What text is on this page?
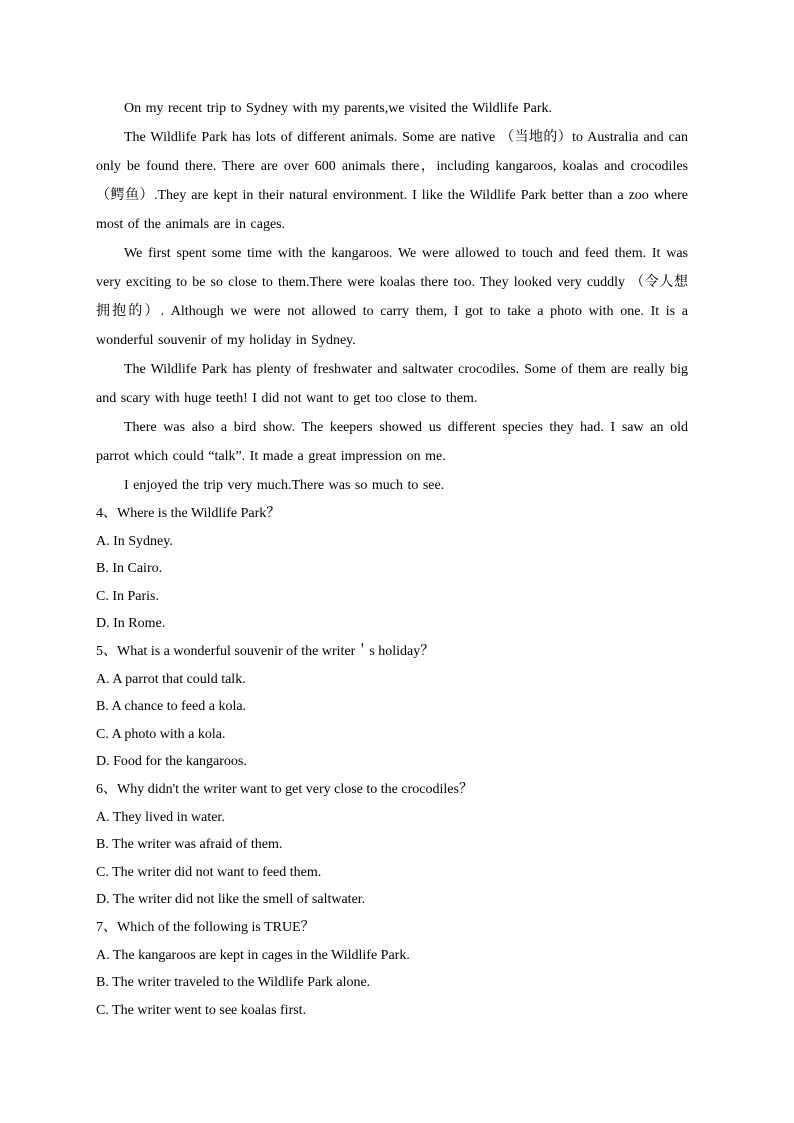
On my recent trip to Sydney with my parents,we visited the Wildlife Park.

The Wildlife Park has lots of different animals. Some are native （当地的）to Australia and can only be found there. There are over 600 animals there，including kangaroos, koalas and crocodiles （鳄鱼）.They are kept in their natural environment. I like the Wildlife Park better than a zoo where most of the animals are in cages.

We first spent some time with the kangaroos. We were allowed to touch and feed them. It was very exciting to be so close to them.There were koalas there too. They looked very cuddly （令人想拥抱的）. Although we were not allowed to carry them, I got to take a photo with one. It is a wonderful souvenir of my holiday in Sydney.

The Wildlife Park has plenty of freshwater and saltwater crocodiles. Some of them are really big and scary with huge teeth! I did not want to get too close to them.

There was also a bird show. The keepers showed us different species they had. I saw an old parrot which could “talk”. It made a great impression on me.

I enjoyed the trip very much.There was so much to see.

4、Where is the Wildlife Park？

A. In Sydney.

B. In Cairo.

C. In Paris.

D. In Rome.

5、What is a wonderful souvenir of the writer＇s holiday？

A. A parrot that could talk.

B. A chance to feed a kola.

C. A photo with a kola.

D. Food for the kangaroos.

6、Why didn't the writer want to get very close to the crocodiles？

A. They lived in water.

B. The writer was afraid of them.

C. The writer did not want to feed them.

D. The writer did not like the smell of saltwater.

7、Which of the following is TRUE？

A. The kangaroos are kept in cages in the Wildlife Park.

B. The writer traveled to the Wildlife Park alone.

C. The writer went to see koalas first.
